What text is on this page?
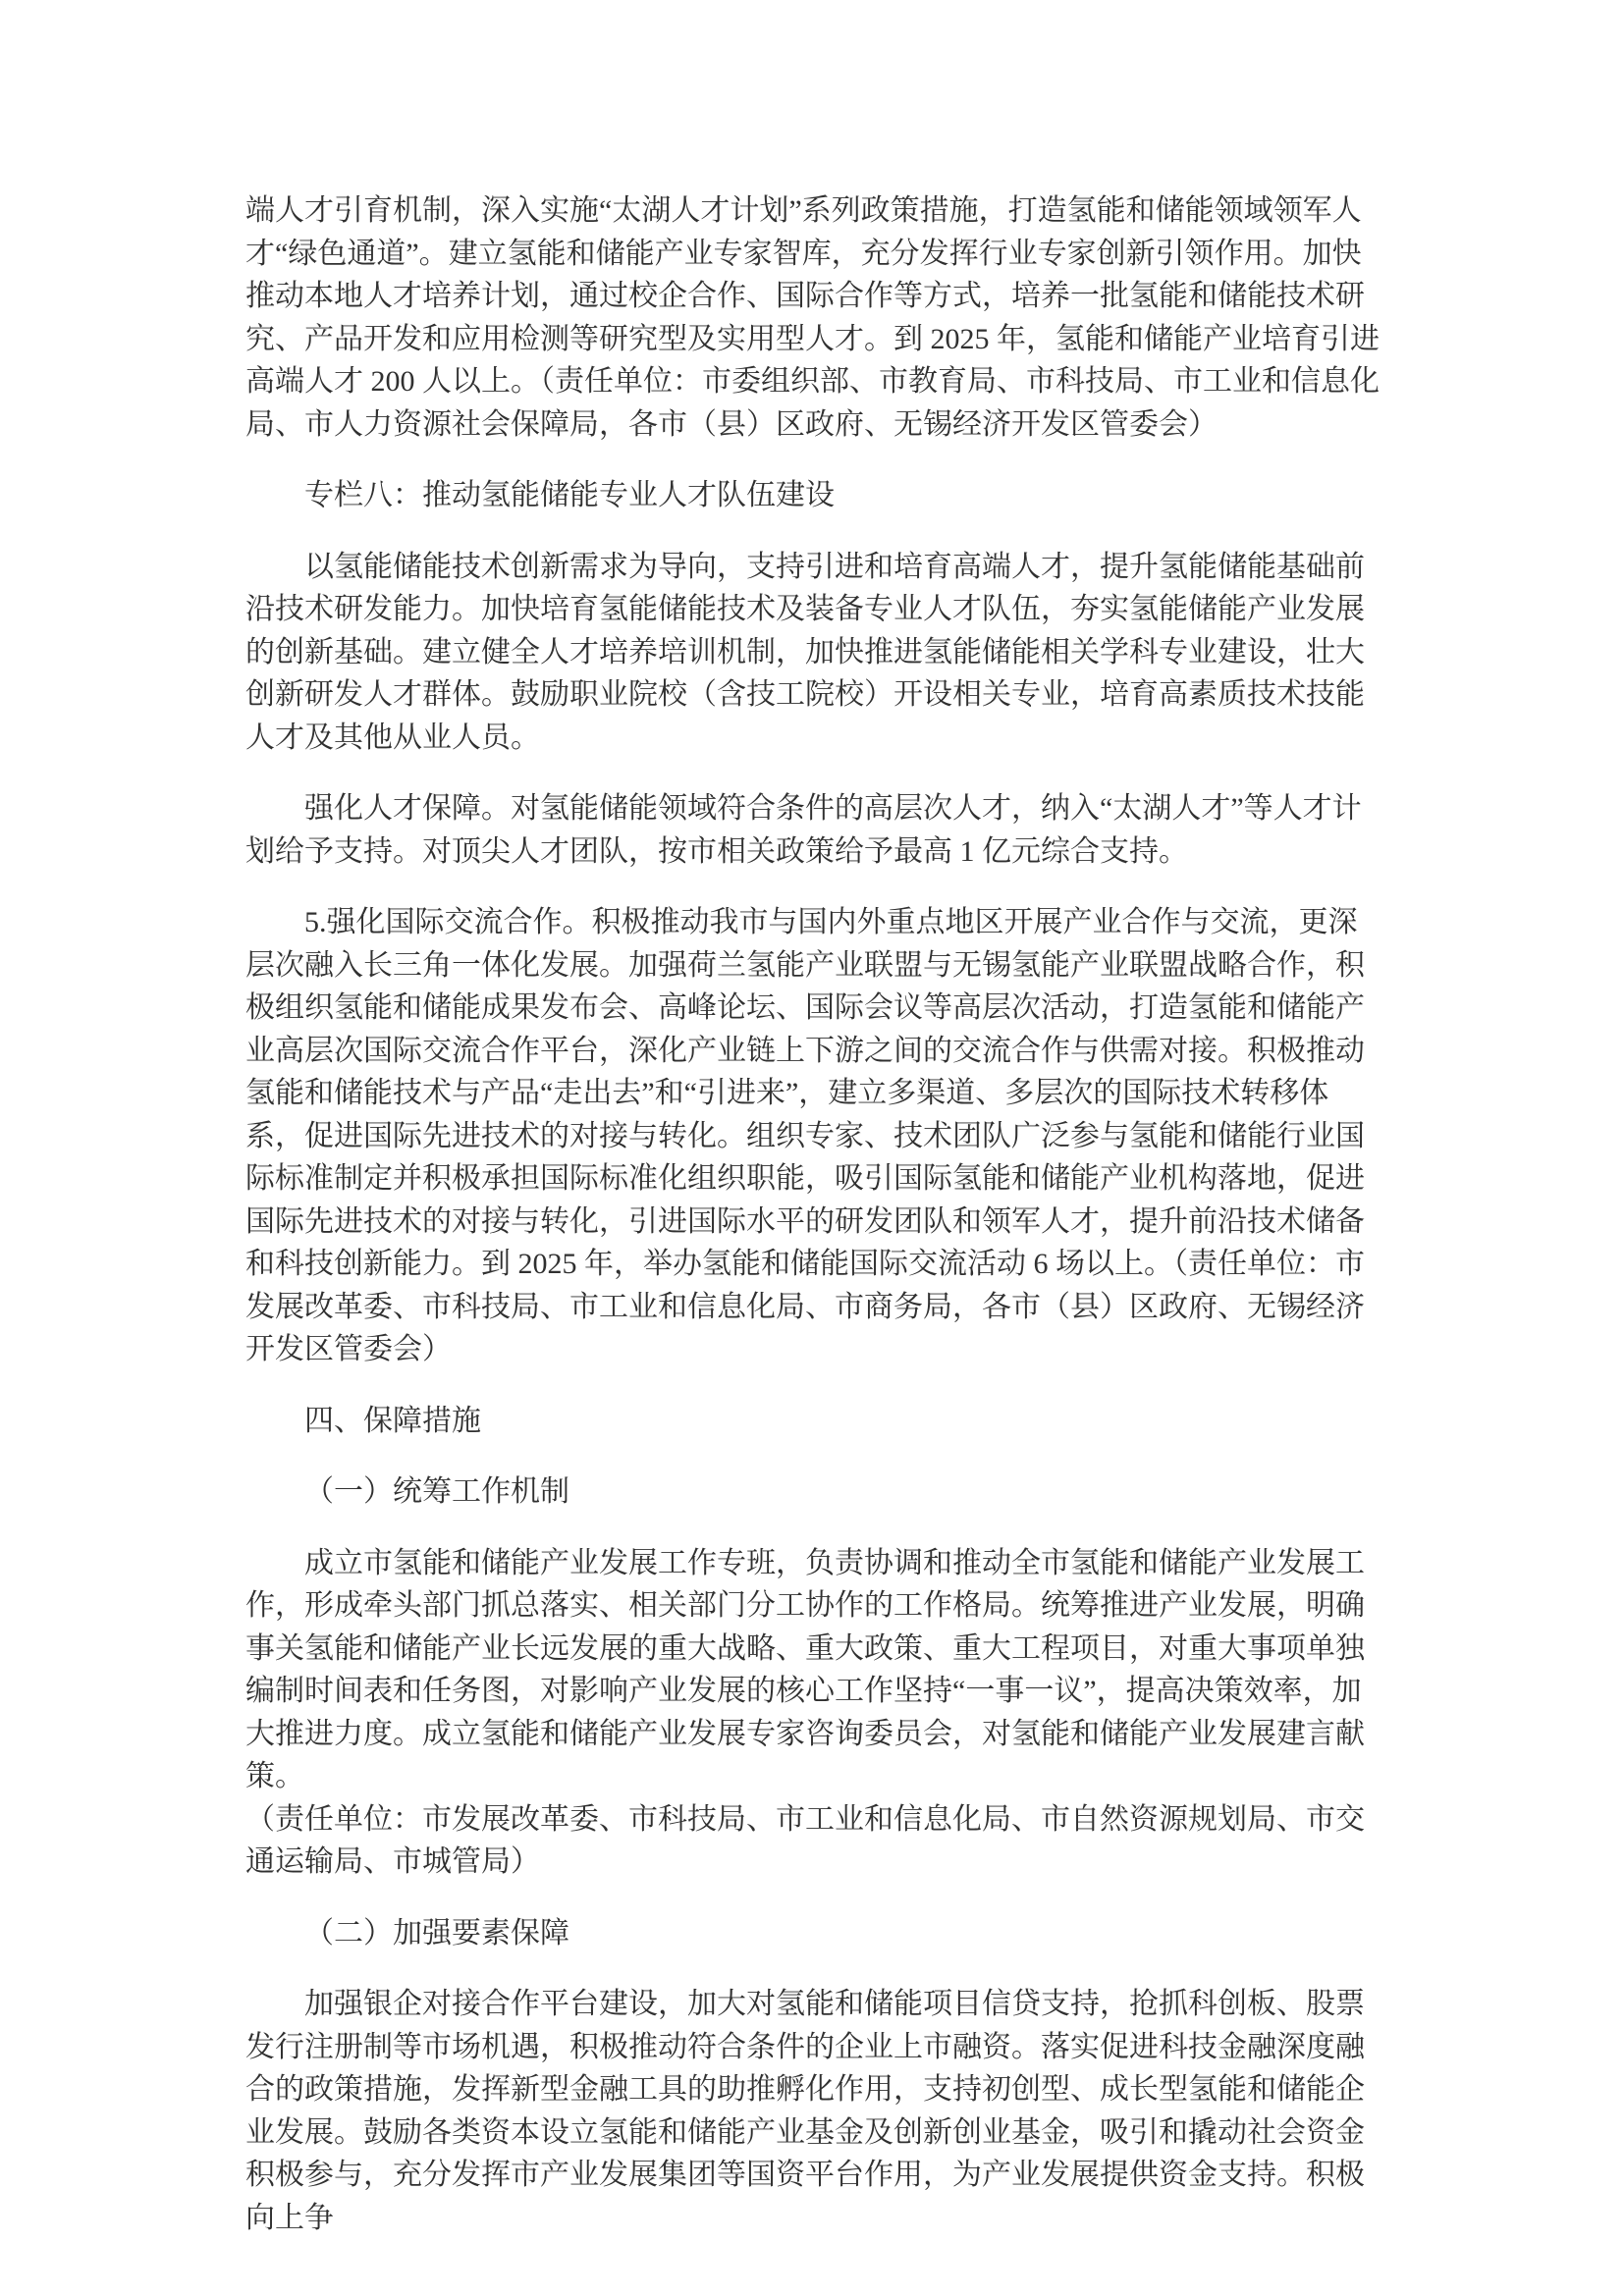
端人才引育机制，深入实施“太湖人才计划”系列政策措施，打造氢能和储能领域领军人才“绿色通道”。建立氢能和储能产业专家智库，充分发挥行业专家创新引领作用。加快推动本地人才培养计划，通过校企合作、国际合作等方式，培养一批氢能和储能技术研究、产品开发和应用检测等研究型及实用型人才。到 2025 年，氢能和储能产业培育引进高端人才 200 人以上。（责任单位：市委组织部、市教育局、市科技局、市工业和信息化局、市人力资源社会保障局，各市（县）区政府、无锡经济开发区管委会）

专栏八：推动氢能储能专业人才队伍建设

以氢能储能技术创新需求为导向，支持引进和培育高端人才，提升氢能储能基础前沿技术研发能力。加快培育氢能储能技术及装备专业人才队伍，夯实氢能储能产业发展的创新基础。建立健全人才培养培训机制，加快推进氢能储能相关学科专业建设，壮大创新研发人才群体。鼓励职业院校（含技工院校）开设相关专业，培育高素质技术技能人才及其他从业人员。

强化人才保障。对氢能储能领域符合条件的高层次人才，纳入“太湖人才”等人才计划给予支持。对顶尖人才团队，按市相关政策给予最高 1 亿元综合支持。

5.强化国际交流合作。积极推动我市与国内外重点地区开展产业合作与交流，更深层次融入长三角一体化发展。加强荷兰氢能产业联盟与无锡氢能产业联盟战略合作，积极组织氢能和储能成果发布会、高峰论坛、国际会议等高层次活动，打造氢能和储能产业高层次国际交流合作平台，深化产业链上下游之间的交流合作与供需对接。积极推动氢能和储能技术与产品“走出去”和“引进来”，建立多渠道、多层次的国际技术转移体系，促进国际先进技术的对接与转化。组织专家、技术团队广泛参与氢能和储能行业国际标准制定并积极承担国际标准化组织职能，吸引国际氢能和储能产业机构落地，促进国际先进技术的对接与转化，引进国际水平的研发团队和领军人才，提升前沿技术储备和科技创新能力。到 2025 年，举办氢能和储能国际交流活动 6 场以上。（责任单位：市发展改革委、市科技局、市工业和信息化局、市商务局，各市（县）区政府、无锡经济开发区管委会）

四、保障措施

（一）统筹工作机制

成立市氢能和储能产业发展工作专班，负责协调和推动全市氢能和储能产业发展工作，形成牵头部门抓总落实、相关部门分工协作的工作格局。统筹推进产业发展，明确事关氢能和储能产业长远发展的重大战略、重大政策、重大工程项目，对重大事项单独编制时间表和任务图，对影响产业发展的核心工作坚持“一事一议”，提高决策效率，加大推进力度。成立氢能和储能产业发展专家咨询委员会，对氢能和储能产业发展建言献策。

（责任单位：市发展改革委、市科技局、市工业和信息化局、市自然资源规划局、市交通运输局、市城管局）

（二）加强要素保障

加强银企对接合作平台建设，加大对氢能和储能项目信贷支持，抢抓科创板、股票发行注册制等市场机遇，积极推动符合条件的企业上市融资。落实促进科技金融深度融合的政策措施，发挥新型金融工具的助推孵化作用，支持初创型、成长型氢能和储能企业发展。鼓励各类资本设立氢能和储能产业基金及创新创业基金，吸引和撬动社会资金积极参与，充分发挥市产业发展集团等国资平台作用，为产业发展提供资金支持。积极向上争
